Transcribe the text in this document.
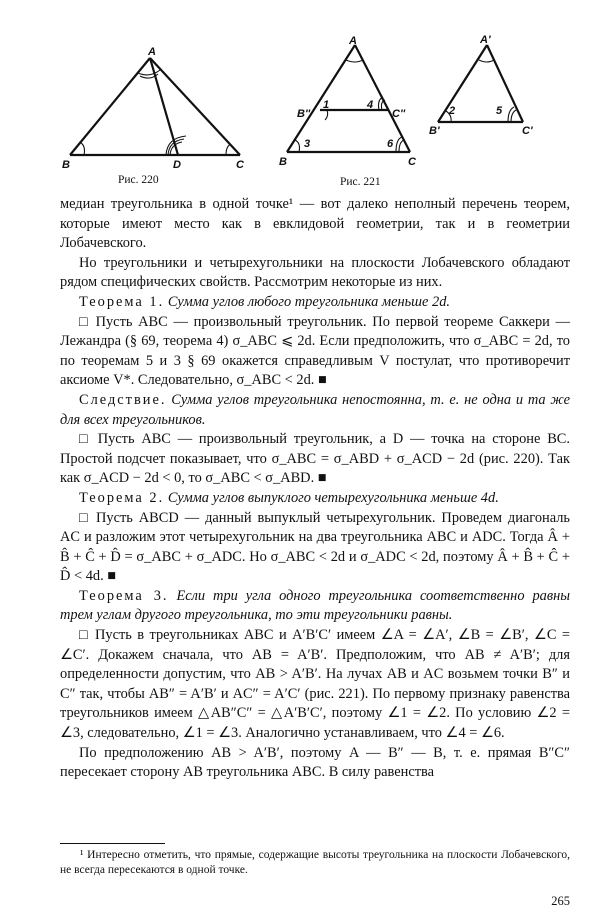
A
B	D	C
Рис. 220
A
B''
1	4
C''
3	6
B	C
A'
2	5
B'	C'
Рис. 221

медиан треугольника в одной точке¹ — вот далеко неполный перечень теорем, которые имеют место как в евклидовой геометрии, так и в геометрии Лобачевского.

Но треугольники и четырехугольники на плоскости Лобачевского обладают рядом специфических свойств. Рассмотрим некоторые из них.

Теорема 1. Сумма углов любого треугольника меньше 2d.

□ Пусть ABC — произвольный треугольник. По первой теореме Саккери — Лежандра (§ 69, теорема 4) σ_ABC ⩽ 2d. Если предположить, что σ_ABC = 2d, то по теоремам 5 и 3 § 69 окажется справедливым V постулат, что противоречит аксиоме V*. Следовательно, σ_ABC < 2d. ■

Следствие. Сумма углов треугольника непостоянна, т. е. не одна и та же для всех треугольников.

□ Пусть ABC — произвольный треугольник, а D — точка на стороне BC. Простой подсчет показывает, что σ_ABC = σ_ABD + σ_ACD − 2d (рис. 220). Так как σ_ACD − 2d < 0, то σ_ABC < σ_ABD. ■

Теорема 2. Сумма углов выпуклого четырехугольника меньше 4d.

□ Пусть ABCD — данный выпуклый четырехугольник. Проведем диагональ AC и разложим этот четырехугольник на два треугольника ABC и ADC. Тогда Â + B̂ + Ĉ + D̂ = σ_ABC + σ_ADC. Но σ_ABC < 2d и σ_ADC < 2d, поэтому Â + B̂ + Ĉ + D̂ < 4d. ■

Теорема 3. Если три угла одного треугольника соответственно равны трем углам другого треугольника, то эти треугольники равны.

□ Пусть в треугольниках ABC и A′B′C′ имеем ∠A = ∠A′, ∠B = ∠B′, ∠C = ∠C′. Докажем сначала, что AB = A′B′. Предположим, что AB ≠ A′B′; для определенности допустим, что AB > A′B′. На лучах AB и AC возьмем точки B″ и C″ так, чтобы AB″ = A′B′ и AC″ = A′C′ (рис. 221). По первому признаку равенства треугольников имеем △AB″C″ = △A′B′C′, поэтому ∠1 = ∠2. По условию ∠2 = ∠3, следовательно, ∠1 = ∠3. Аналогично устанавливаем, что ∠4 = ∠6.

По предположению AB > A′B′, поэтому A — B″ — B, т. е. прямая B″C″ пересекает сторону AB треугольника ABC. В силу равенства

¹ Интересно отметить, что прямые, содержащие высоты треугольника на плоскости Лобачевского, не всегда пересекаются в одной точке.
265
